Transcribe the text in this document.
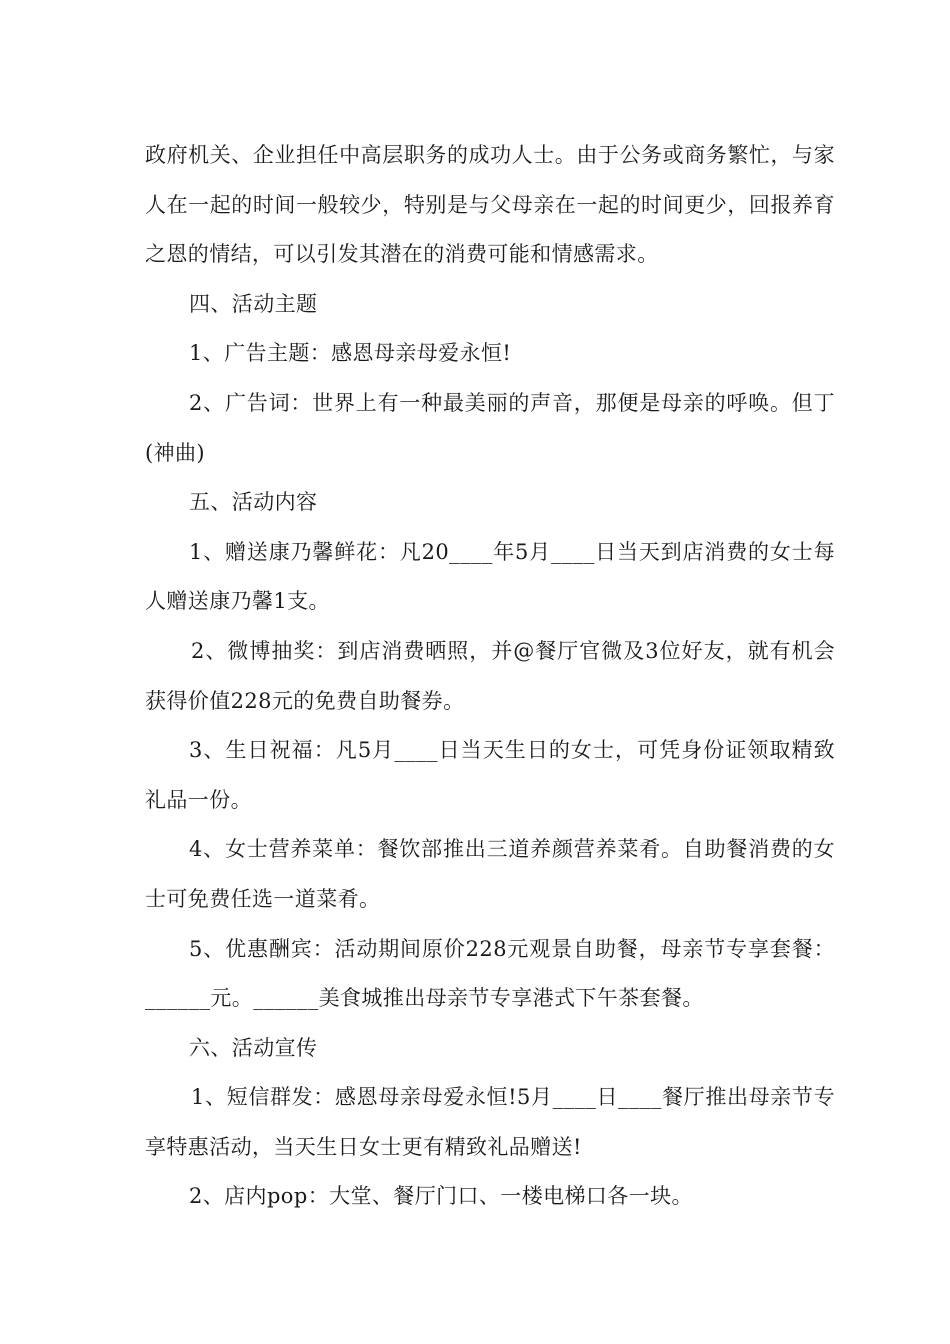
政府机关、企业担任中高层职务的成功人士。由于公务或商务繁忙，与家人在一起的时间一般较少，特别是与父母亲在一起的时间更少，回报养育之恩的情结，可以引发其潜在的消费可能和情感需求。

四、活动主题

1、广告主题：感恩母亲母爱永恒!

2、广告词：世界上有一种最美丽的声音，那便是母亲的呼唤。但丁(神曲)

五、活动内容

1、赠送康乃馨鲜花：凡20____年5月____日当天到店消费的女士每人赠送康乃馨1支。

2、微博抽奖：到店消费晒照，并@餐厅官微及3位好友，就有机会获得价值228元的免费自助餐券。

3、生日祝福：凡5月____日当天生日的女士，可凭身份证领取精致礼品一份。

4、女士营养菜单：餐饮部推出三道养颜营养菜肴。自助餐消费的女士可免费任选一道菜肴。

5、优惠酬宾：活动期间原价228元观景自助餐，母亲节专享套餐：______元。______美食城推出母亲节专享港式下午茶套餐。

六、活动宣传

1、短信群发：感恩母亲母爱永恒!5月____日____餐厅推出母亲节专享特惠活动，当天生日女士更有精致礼品赠送!

2、店内pop：大堂、餐厅门口、一楼电梯口各一块。
